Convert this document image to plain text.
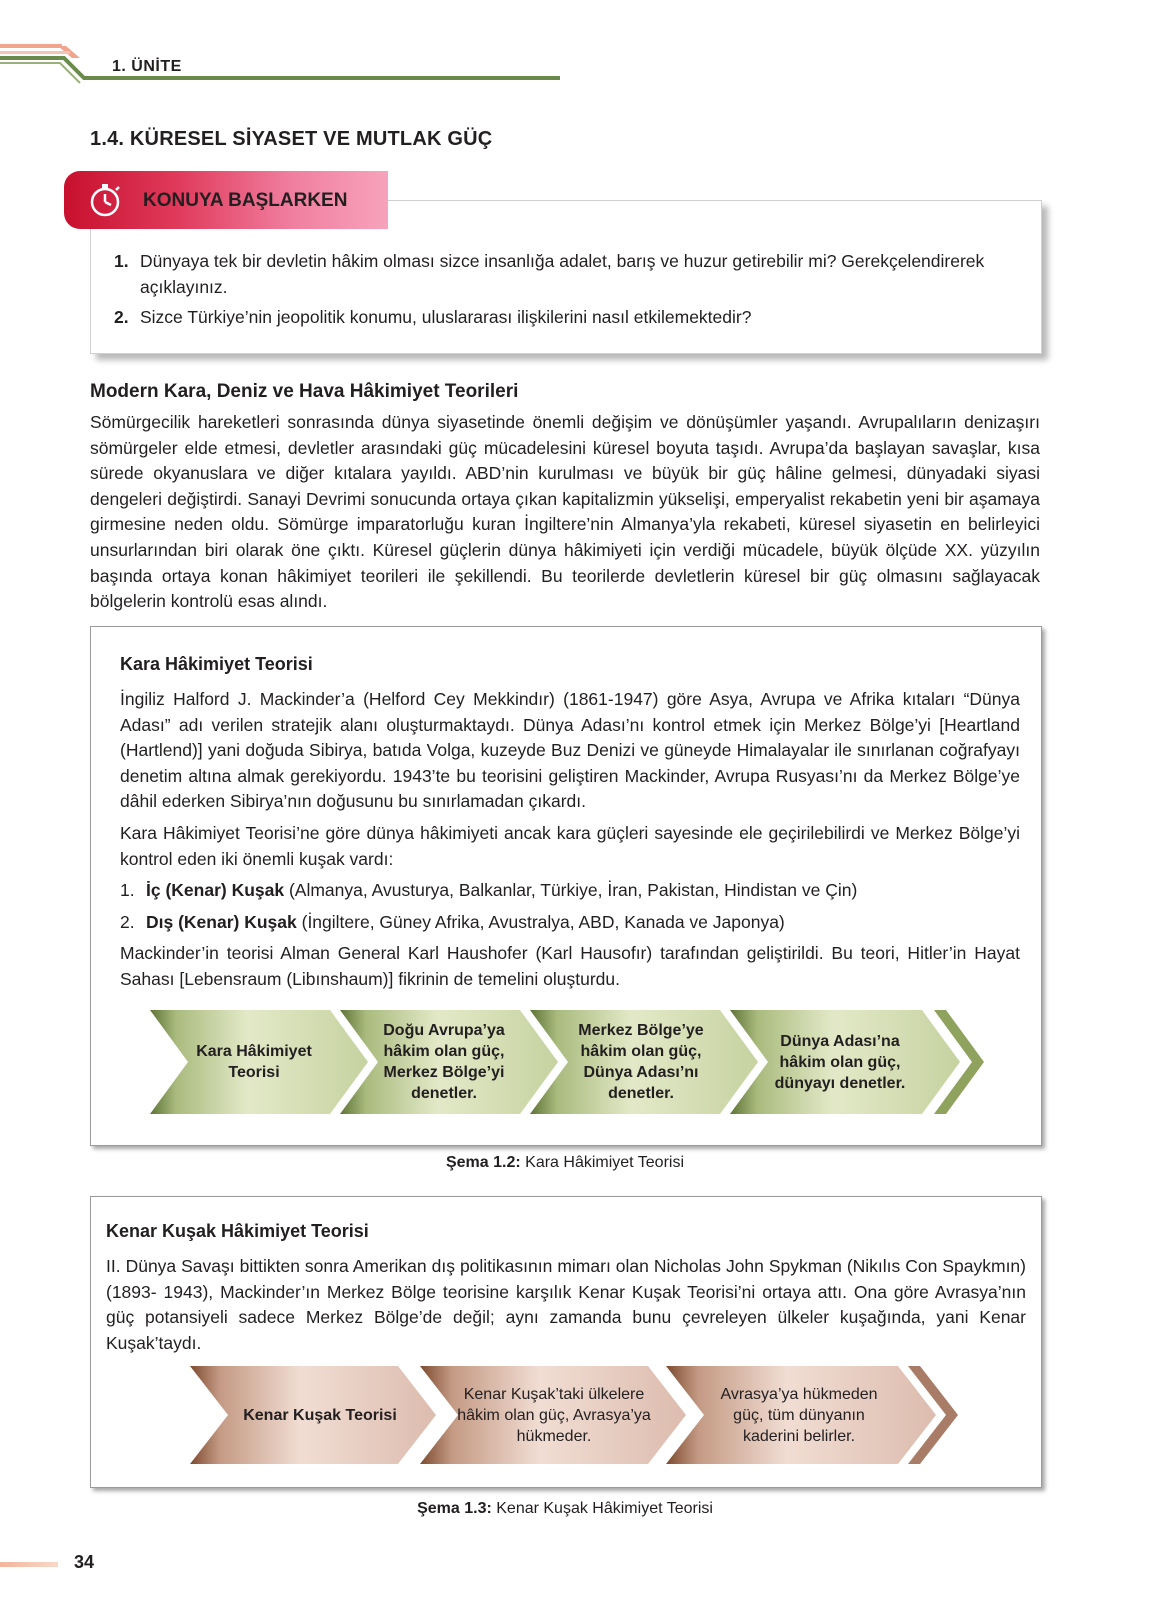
1. ÜNİTE
1.4. KÜRESEL SİYASET VE MUTLAK GÜÇ
KONUYA BAŞLARKEN
1. Dünyaya tek bir devletin hâkim olması sizce insanlığa adalet, barış ve huzur getirebilir mi? Gerekçelendirerek açıklayınız.
2. Sizce Türkiye’nin jeopolitik konumu, uluslararası ilişkilerini nasıl etkilemektedir?
Modern Kara, Deniz ve Hava Hâkimiyet Teorileri
Sömürgecilik hareketleri sonrasında dünya siyasetinde önemli değişim ve dönüşümler yaşandı. Avrupalıların denizaşırı sömürgeler elde etmesi, devletler arasındaki güç mücadelesini küresel boyuta taşıdı. Avrupa’da başlayan savaşlar, kısa sürede okyanuslara ve diğer kıtalara yayıldı. ABD’nin kurulması ve büyük bir güç hâline gelmesi, dünyadaki siyasi dengeleri değiştirdi. Sanayi Devrimi sonucunda ortaya çıkan kapitalizmin yükselişi, emperyalist rekabetin yeni bir aşamaya girmesine neden oldu. Sömürge imparatorluğu kuran İngiltere’nin Almanya’yla rekabeti, küresel siyasetin en belirleyici unsurlarından biri olarak öne çıktı. Küresel güçlerin dünya hâkimiyeti için verdiği mücadele, büyük ölçüde XX. yüzyılın başında ortaya konan hâkimiyet teorileri ile şekillendi. Bu teorilerde devletlerin küresel bir güç olmasını sağlayacak bölgelerin kontrolü esas alındı.
Kara Hâkimiyet Teorisi

İngiliz Halford J. Mackinder’a (Helford Cey Mekkindır) (1861-1947) göre Asya, Avrupa ve Afrika kıtaları “Dünya Adası” adı verilen stratejik alanı oluşturmaktaydı. Dünya Adası’nı kontrol etmek için Merkez Bölge’yi [Heartland (Hartlend)] yani doğuda Sibirya, batıda Volga, kuzeyde Buz Denizi ve güneyde Himalayalar ile sınırlanan coğrafyayı denetim altına almak gerekiyordu. 1943’te bu teorisini geliştiren Mackinder, Avrupa Rusyası’nı da Merkez Bölge’ye dâhil ederken Sibirya’nın doğusunu bu sınırlamadan çıkardı.

Kara Hâkimiyet Teorisi’ne göre dünya hâkimiyeti ancak kara güçleri sayesinde ele geçirilebilirdi ve Merkez Bölge’yi kontrol eden iki önemli kuşak vardı:

1. İç (Kenar) Kuşak (Almanya, Avusturya, Balkanlar, Türkiye, İran, Pakistan, Hindistan ve Çin)
2. Dış (Kenar) Kuşak (İngiltere, Güney Afrika, Avustralya, ABD, Kanada ve Japonya)

Mackinder’in teorisi Alman General Karl Haushofer (Karl Hausofır) tarafından geliştirildi. Bu teori, Hitler’in Hayat Sahası [Lebensraum (Libınshaum)] fikrinin de temelini oluşturdu.

Kara Hâkimiyet Teorisi
Doğu Avrupa’ya hâkim olan güç, Merkez Bölge’yi denetler.
Merkez Bölge’ye hâkim olan güç, Dünya Adası’nı denetler.
Dünya Adası’na hâkim olan güç, dünyayı denetler.
Şema 1.2: Kara Hâkimiyet Teorisi
Kenar Kuşak Hâkimiyet Teorisi
II. Dünya Savaşı bittikten sonra Amerikan dış politikasının mimarı olan Nicholas John Spykman (Nikılıs Con Spaykmın) (1893- 1943), Mackinder’ın Merkez Bölge teorisine karşılık Kenar Kuşak Teorisi’ni ortaya attı. Ona göre Avrasya’nın güç potansiyeli sadece Merkez Bölge’de değil; aynı zamanda bunu çevreleyen ülkeler kuşağında, yani Kenar Kuşak’taydı.
Kenar Kuşak Teorisi
Kenar Kuşak’taki ülkelere hâkim olan güç, Avrasya’ya hükmeder.
Avrasya’ya hükmeden güç, tüm dünyanın kaderini belirler.
Şema 1.3: Kenar Kuşak Hâkimiyet Teorisi
34
